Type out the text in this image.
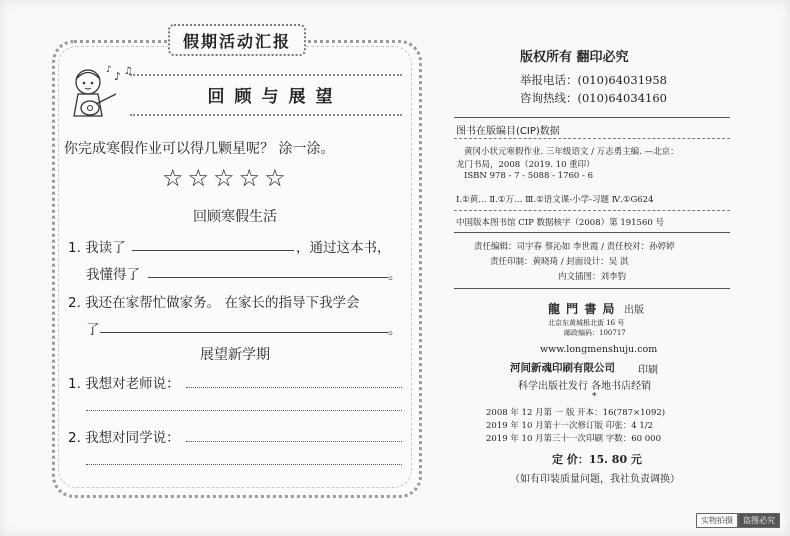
假期活动汇报
♪ ♫
♪
回顾与展望
你完成寒假作业可以得几颗星呢？ 涂一涂。
☆ ☆ ☆ ☆ ☆
回顾寒假生活
1. 我读了	，通过这本书，
我懂得了	。
2. 我还在家帮忙做家务。 在家长的指导下我学会
了	。
展望新学期
1. 我想对老师说：
2. 我想对同学说：
版权所有 翻印必究
举报电话：(010)64031958
咨询热线：(010)64034160
图书在版编目(CIP)数据
黄冈小状元寒假作业. 三年级语文 / 万志勇主编. —北京：
龙门书局，2008（2019. 10 重印）
ISBN 978 - 7 - 5088 - 1760 - 6
Ⅰ.①黄… Ⅱ.①万… Ⅲ.①语文课-小学-习题 Ⅳ.①G624
中国版本图书馆 CIP 数据核字（2008）第 191560 号
责任编辑：司宇春 蔡沁如 李世霞 / 责任校对：孙婷婷
责任印制：黄晓琦 / 封面设计：吴 淇
内文插图：刘李豹
龍 門 書 局 出版
北京东黄城根北街 16 号
邮政编码：100717
www.longmenshuju.com
河间新魂印刷有限公司 印刷
科学出版社发行 各地书店经销
*
2008 年 12 月第 一 版 开本：16(787×1092)
2019 年 10 月第十一次修订版 印张：4 1/2
2019 年 10 月第三十一次印刷 字数：60 000
定 价：15. 80 元
（如有印装质量问题，我社负责调换）
实物拍摄	盗图必究
